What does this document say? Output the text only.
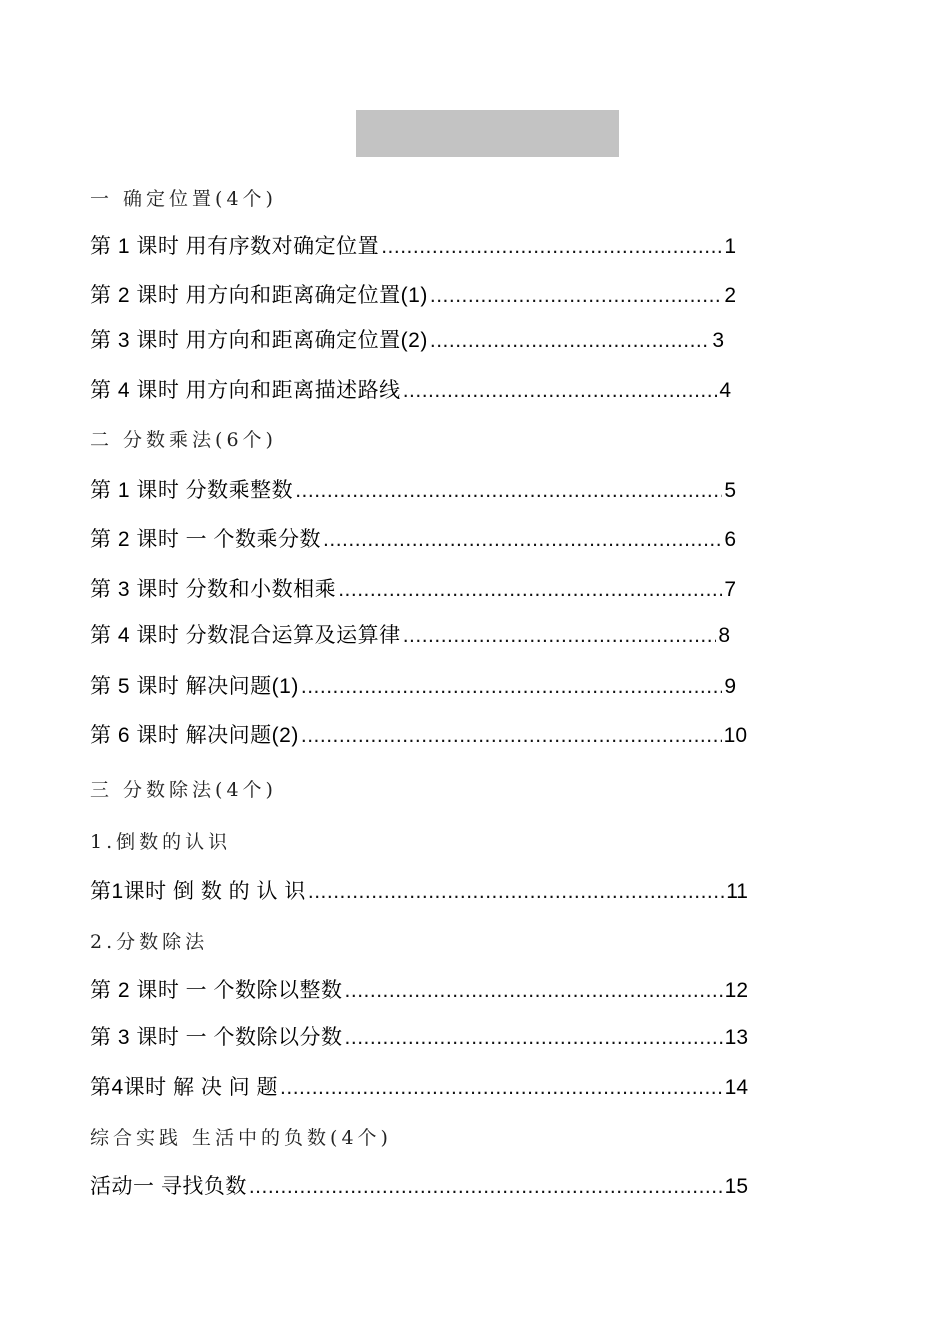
一 确定位置(4个)
第 1 课时 用有序数对确定位置 .....	1
第 2 课时 用方向和距离确定位置(1) .....	2
第 3 课时 用方向和距离确定位置(2) .....	3
第 4 课时 用方向和距离描述路线 .....	4
二 分数乘法(6个)
第 1 课时 分数乘整数 .....	5
第 2 课时 一 个数乘分数 .....	6
第 3 课时 分数和小数相乘 .....	7
第 4 课时 分数混合运算及运算律 .....	8
第 5 课时 解决问题(1) .....	9
第 6 课时 解决问题(2) .....	10
三 分数除法(4个)
1.倒数的认识
第1课时 倒 数 的 认 识 .....	11
2.分数除法
第 2 课时 一 个数除以整数 .....	12
第 3 课时 一 个数除以分数 .....	13
第4课时 解 决 问 题 .....	14
综合实践 生活中的负数(4个)
活动一 寻找负数 .....	15
